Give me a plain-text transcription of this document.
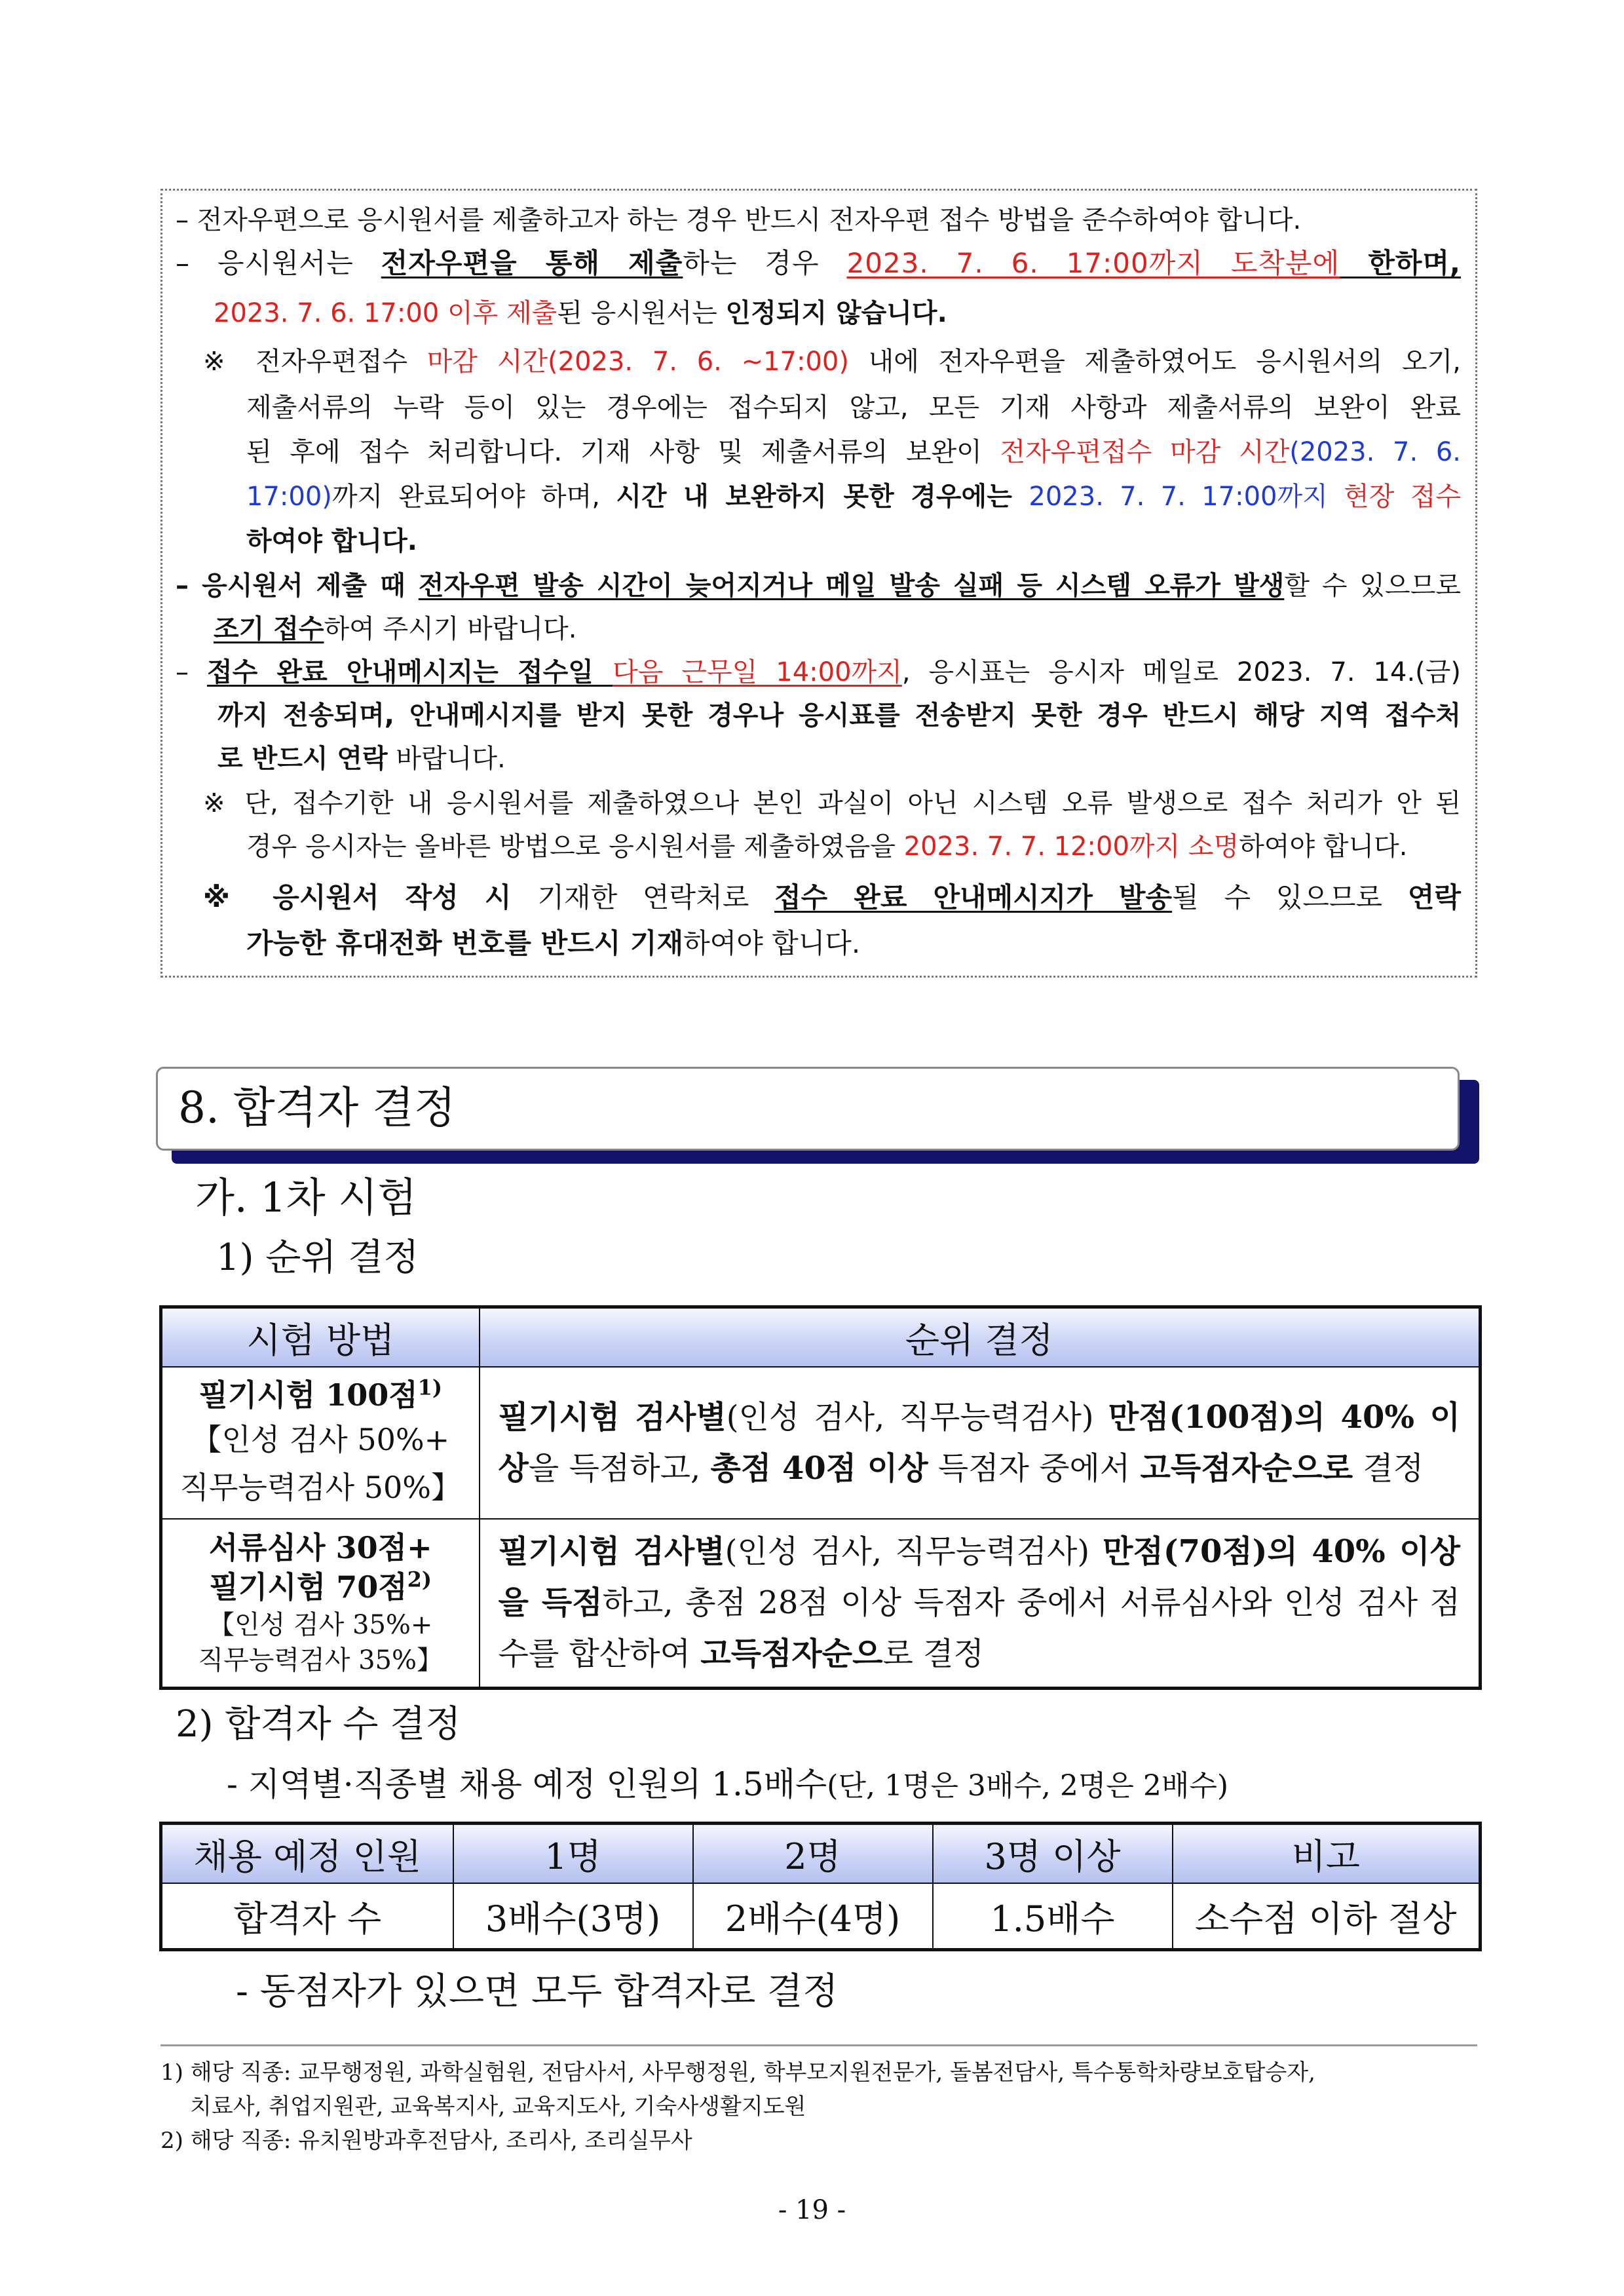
– 전자우편으로 응시원서를 제출하고자 하는 경우 반드시 전자우편 접수 방법을 준수하여야 합니다.
– 응시원서는 전자우편을 통해 제출하는 경우 2023. 7. 6. 17:00까지 도착분에 한하며,
2023. 7. 6. 17:00 이후 제출된 응시원서는 인정되지 않습니다.
※ 전자우편접수 마감 시간(2023. 7. 6. ~17:00) 내에 전자우편을 제출하였어도 응시원서의 오기,
제출서류의 누락 등이 있는 경우에는 접수되지 않고, 모든 기재 사항과 제출서류의 보완이 완료
된 후에 접수 처리합니다. 기재 사항 및 제출서류의 보완이 전자우편접수 마감 시간(2023. 7. 6.
17:00)까지 완료되어야 하며, 시간 내 보완하지 못한 경우에는 2023. 7. 7. 17:00까지 현장 접수
하여야 합니다.
– 응시원서 제출 때 전자우편 발송 시간이 늦어지거나 메일 발송 실패 등 시스템 오류가 발생할 수 있으므로
조기 접수하여 주시기 바랍니다.
– 접수 완료 안내메시지는 접수일 다음 근무일 14:00까지, 응시표는 응시자 메일로 2023. 7. 14.(금)
까지 전송되며, 안내메시지를 받지 못한 경우나 응시표를 전송받지 못한 경우 반드시 해당 지역 접수처
로 반드시 연락 바랍니다.
※ 단, 접수기한 내 응시원서를 제출하였으나 본인 과실이 아닌 시스템 오류 발생으로 접수 처리가 안 된
경우 응시자는 올바른 방법으로 응시원서를 제출하였음을 2023. 7. 7. 12:00까지 소명하여야 합니다.
※ 응시원서 작성 시 기재한 연락처로 접수 완료 안내메시지가 발송될 수 있으므로 연락
가능한 휴대전화 번호를 반드시 기재하여야 합니다.
8. 합격자 결정
가. 1차 시험
1) 순위 결정
시험 방법	순위 결정

필기시험 100점$^{1)}$
【인성 검사 50%+
직무능력검사 50%】	필기시험 검사별(인성 검사, 직무능력검사) 만점(100점)의 40% 이상을 득점하고, 총점 40점 이상 득점자 중에서 고득점자순으로 결정

서류심사 30점+
필기시험 70점$^{2)}$
【인성 검사 35%+
직무능력검사 35%】	필기시험 검사별(인성 검사, 직무능력검사) 만점(70점)의 40% 이상을 득점하고, 총점 28점 이상 득점자 중에서 서류심사와 인성 검사 점수를 합산하여 고득점자순으로 결정
2) 합격자 수 결정
- 지역별·직종별 채용 예정 인원의 1.5배수(단, 1명은 3배수, 2명은 2배수)
채용 예정 인원	1명	2명	3명 이상	비고
합격자 수	3배수(3명)	2배수(4명)	1.5배수	소수점 이하 절상
- 동점자가 있으면 모두 합격자로 결정
1) 해당 직종: 교무행정원, 과학실험원, 전담사서, 사무행정원, 학부모지원전문가, 돌봄전담사, 특수통학차량보호탑승자,
치료사, 취업지원관, 교육복지사, 교육지도사, 기숙사생활지도원
2) 해당 직종: 유치원방과후전담사, 조리사, 조리실무사
- 19 -
